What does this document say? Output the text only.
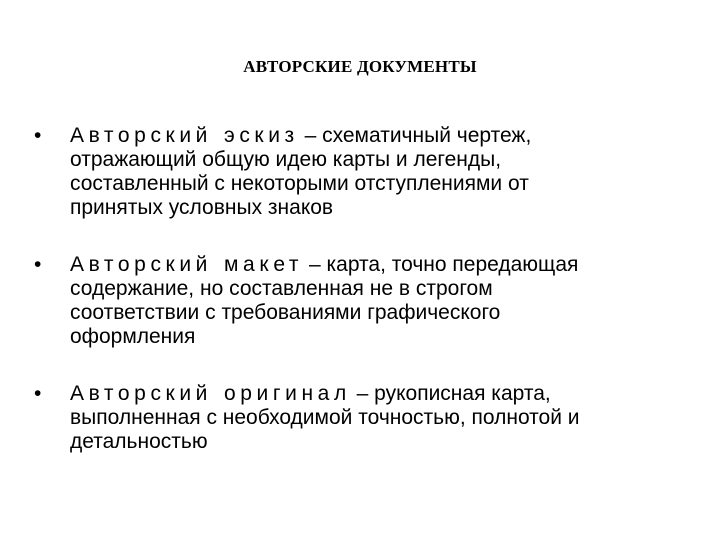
АВТОРСКИЕ ДОКУМЕНТЫ
•	Авторский эскиз – схематичный чертеж,
отражающий общую идею карты и легенды,
составленный с некоторыми отступлениями от
принятых условных знаков
•	Авторский макет – карта, точно передающая
содержание, но составленная не в строгом
соответствии с требованиями графического
оформления
•	Авторский оригинал – рукописная карта,
выполненная с необходимой точностью, полнотой и
детальностью
